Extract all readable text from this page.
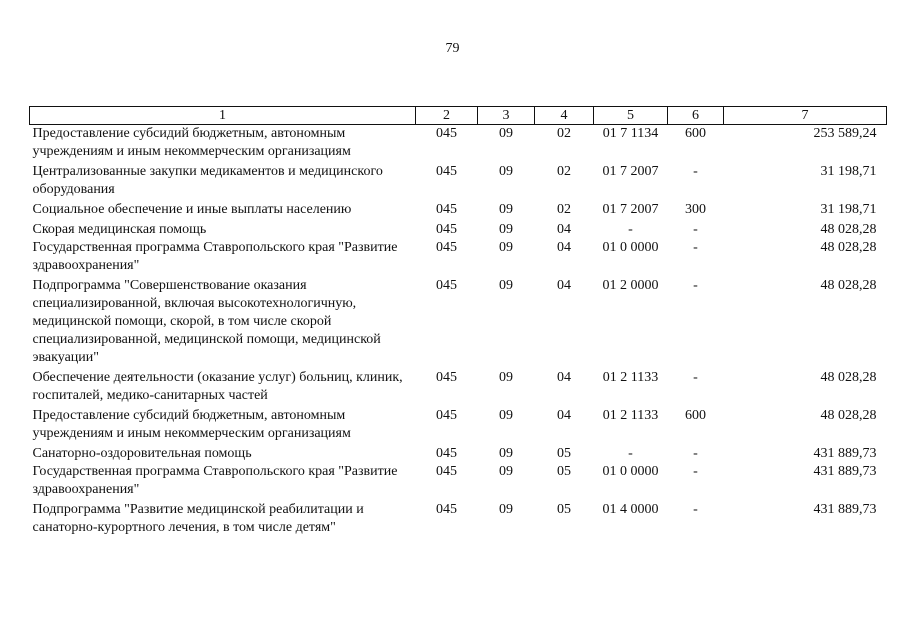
79
1	2	3	4	5	6	7
Предоставление субсидий бюджетным, автономным учреждениям и иным некоммерческим организациям	045	09	02	01 7 1134	600	253 589,24
Централизованные закупки медикаментов и медицинского оборудования	045	09	02	01 7 2007	-	31 198,71
Социальное обеспечение и иные выплаты населению	045	09	02	01 7 2007	300	31 198,71
Скорая медицинская помощь	045	09	04	-	-	48 028,28
Государственная программа Ставропольского края "Развитие здравоохранения"	045	09	04	01 0 0000	-	48 028,28
Подпрограмма "Совершенствование оказания специализированной, включая высокотехнологичную, медицинской помощи, скорой, в том числе скорой специализированной, медицинской помощи, медицинской эвакуации"	045	09	04	01 2 0000	-	48 028,28
Обеспечение деятельности (оказание услуг) больниц, клиник, госпиталей, медико-санитарных частей	045	09	04	01 2 1133	-	48 028,28
Предоставление субсидий бюджетным, автономным учреждениям и иным некоммерческим организациям	045	09	04	01 2 1133	600	48 028,28
Санаторно-оздоровительная помощь	045	09	05	-	-	431 889,73
Государственная программа Ставропольского края "Развитие здравоохранения"	045	09	05	01 0 0000	-	431 889,73
Подпрограмма "Развитие медицинской реабилитации и санаторно-курортного лечения, в том числе детям"	045	09	05	01 4 0000	-	431 889,73
